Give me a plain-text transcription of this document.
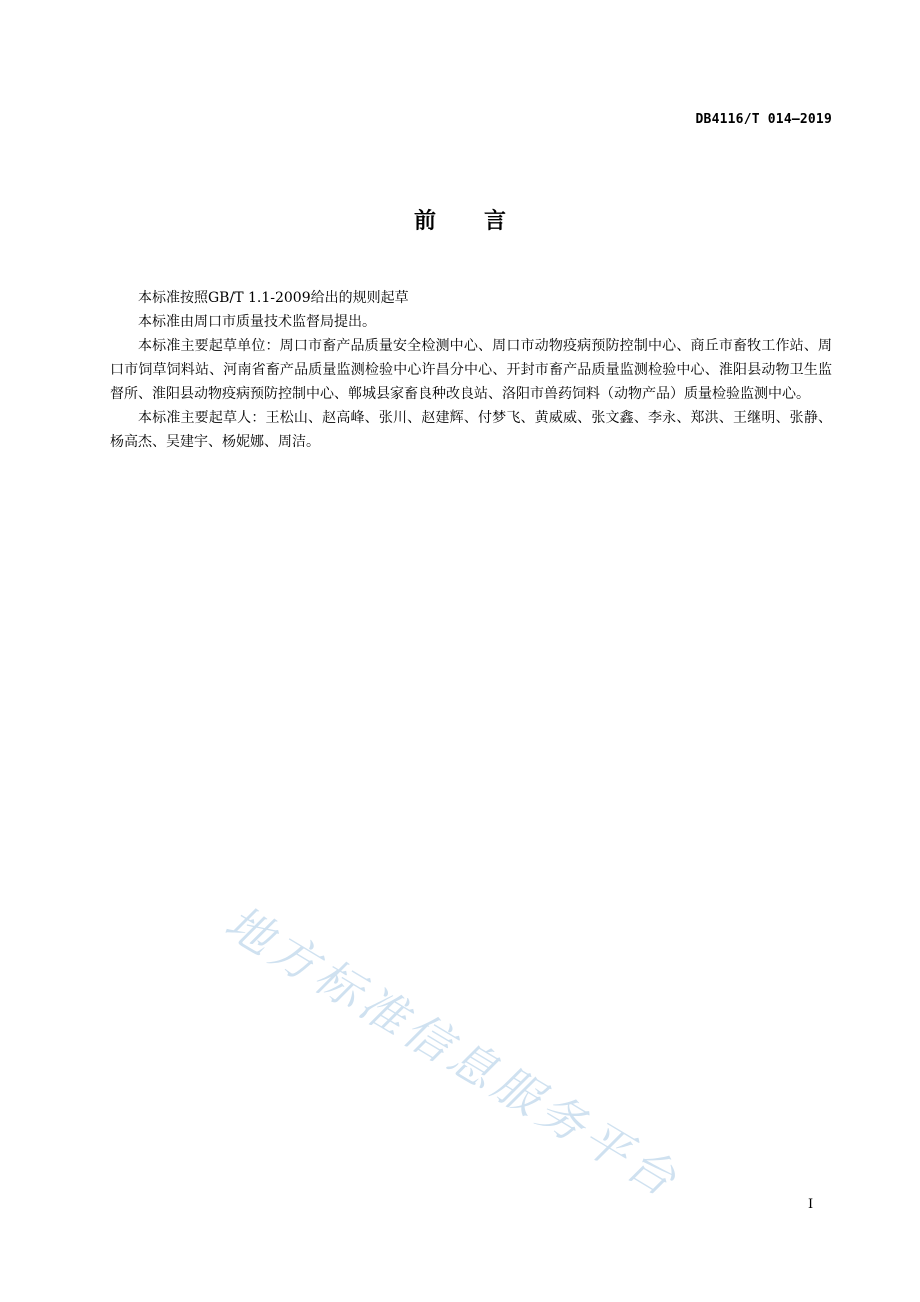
DB4116/T 014—2019
前言

本标准按照GB/T 1.1-2009给出的规则起草

本标准由周口市质量技术监督局提出。

本标准主要起草单位：周口市畜产品质量安全检测中心、周口市动物疫病预防控制中心、商丘市畜牧工作站、周口市饲草饲料站、河南省畜产品质量监测检验中心许昌分中心、开封市畜产品质量监测检验中心、淮阳县动物卫生监督所、淮阳县动物疫病预防控制中心、郸城县家畜良种改良站、洛阳市兽药饲料（动物产品）质量检验监测中心。

本标准主要起草人：王松山、赵高峰、张川、赵建辉、付梦飞、黄威威、张文鑫、李永、郑洪、王继明、张静、杨高杰、吴建宇、杨妮娜、周洁。

地方标准信息服务平台	I
